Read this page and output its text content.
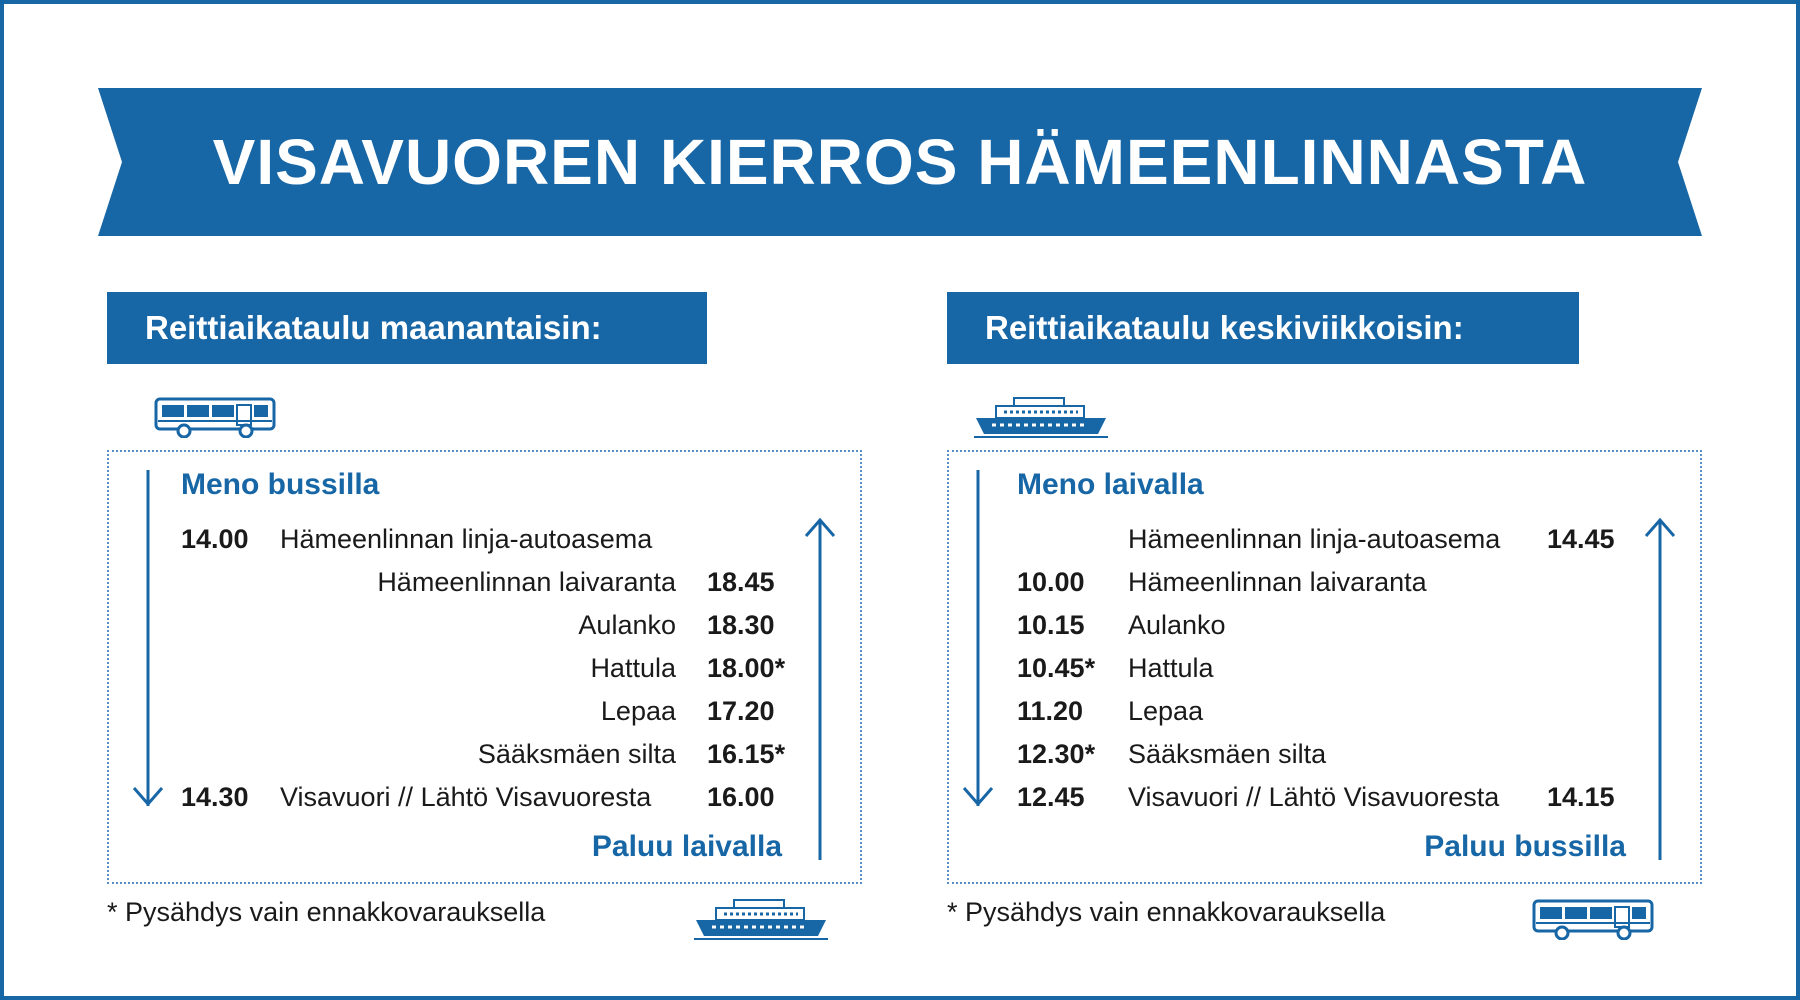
VISAVUOREN KIERROS HÄMEENLINNASTA
Reittiaikataulu maanantaisin:	Reittiaikataulu keskiviikkoisin:
Meno bussilla
Paluu laivalla
14.00 Hämeenlinnan linja-autoasema
Hämeenlinnan laivaranta 18.45
Aulanko 18.30
Hattula 18.00*
Lepaa 17.20
Sääksmäen silta 16.15*
14.30 Visavuori // Lähtö Visavuoresta 16.00
* Pysähdys vain ennakkovarauksella
Meno laivalla
Paluu bussilla
Hämeenlinnan linja-autoasema 14.45
10.00 Hämeenlinnan laivaranta
10.15 Aulanko
10.45* Hattula
11.20 Lepaa
12.30* Sääksmäen silta
12.45 Visavuori // Lähtö Visavuoresta 14.15
* Pysähdys vain ennakkovarauksella
